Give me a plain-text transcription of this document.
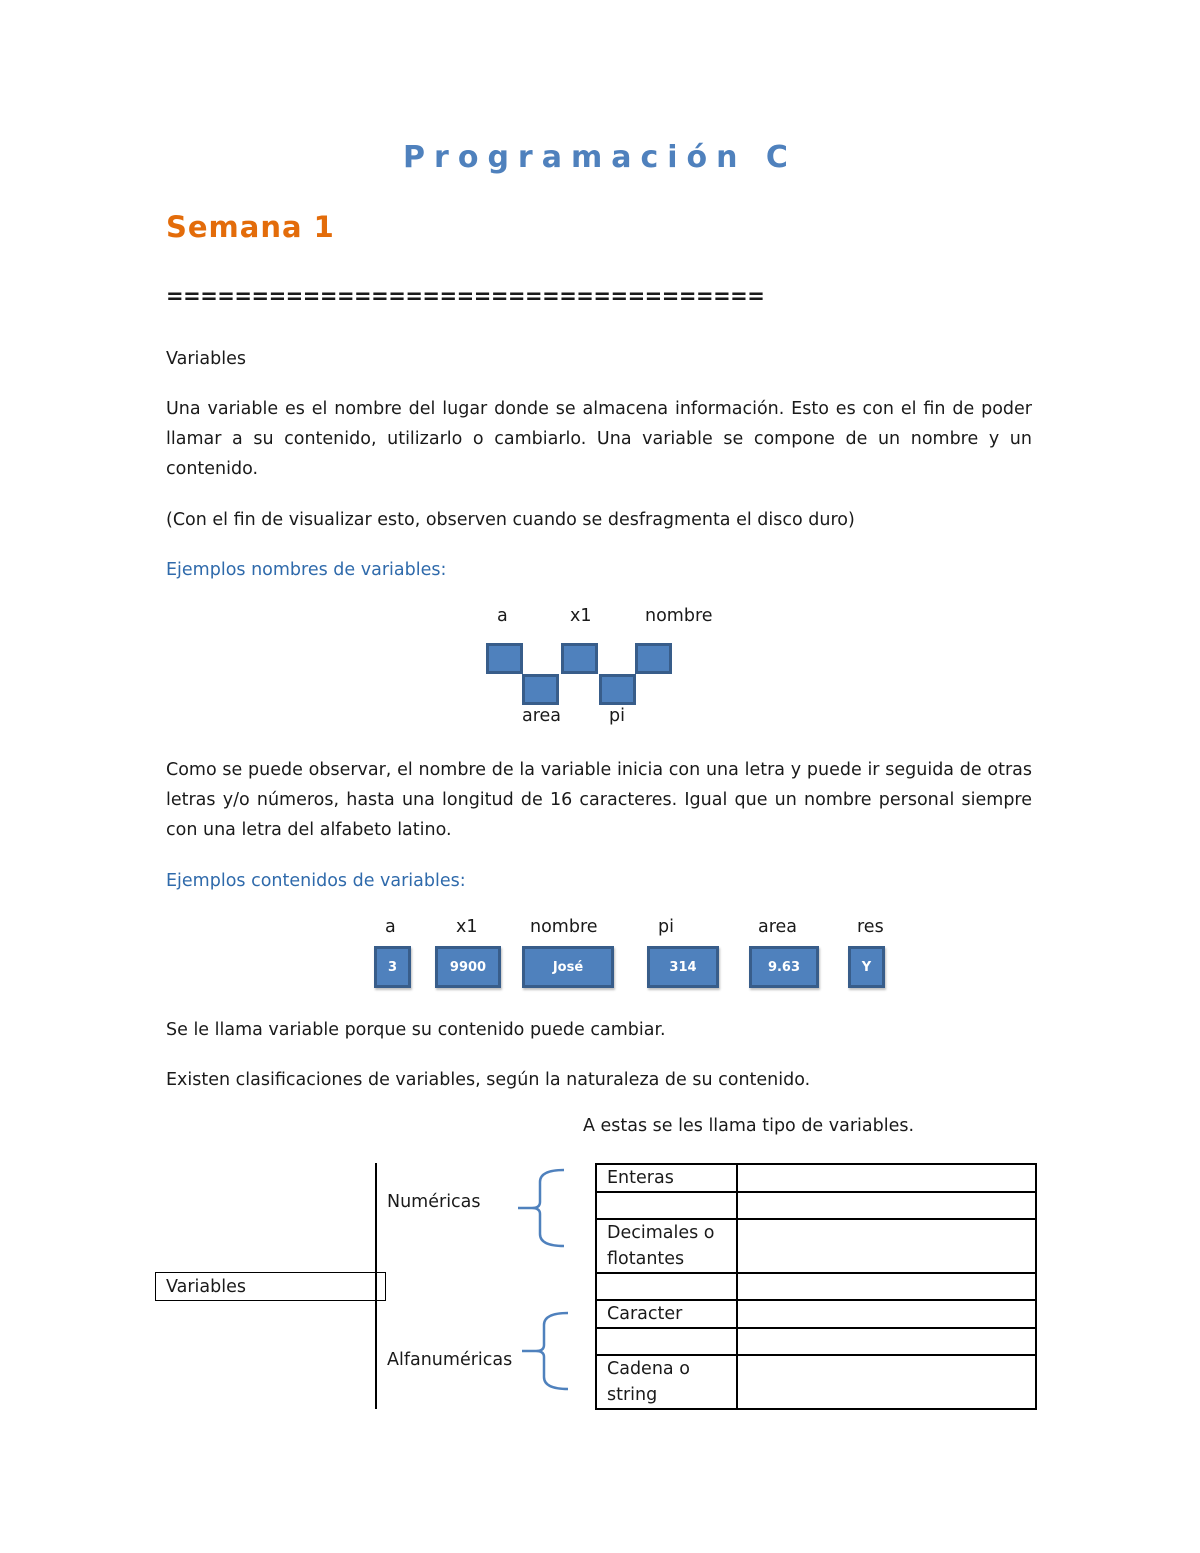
Programación C
Semana 1
===================================
Variables
Una variable es el nombre del lugar donde se almacena información. Esto es con el fin de poder llamar a su contenido, utilizarlo o cambiarlo. Una variable se compone de un nombre y un contenido.
(Con el fin de visualizar esto, observen cuando se desfragmenta el disco duro)
Ejemplos nombres de variables:
a	x1	nombre
area	pi
Como se puede observar, el nombre de la variable inicia con una letra y puede ir seguida de otras letras y/o números, hasta una longitud de 16 caracteres. Igual que un nombre personal siempre con una letra del alfabeto latino.
Ejemplos contenidos de variables:
a	x1	nombre	pi	area	res
3	9900	José	314	9.63	Y
Se le llama variable porque su contenido puede cambiar.
Existen clasificaciones de variables, según la naturaleza de su contenido.
A estas se les llama tipo de variables.
Variables
Numéricas
Alfanuméricas
Enteras	

Decimales o flotantes	

Caracter	

Cadena o string	
